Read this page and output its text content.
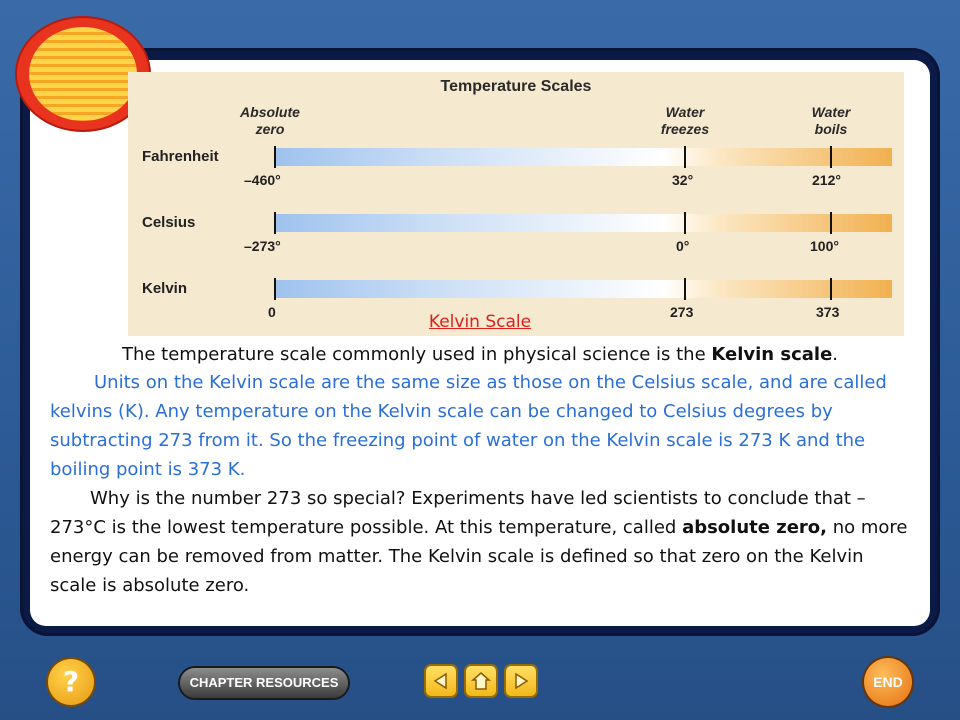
Temperature Scales
Absolute
zero
Water
freezes
Water
boils
Fahrenheit
–460°	32°	212°
Celsius
–273°	0°	100°
Kelvin
0	273	373
Kelvin Scale
The temperature scale commonly used in physical science is the Kelvin scale.
Units on the Kelvin scale are the same size as those on the Celsius scale, and are called kelvins (K). Any temperature on the Kelvin scale can be changed to Celsius degrees by subtracting 273 from it. So the freezing point of water on the Kelvin scale is 273 K and the boiling point is 373 K.
Why is the number 273 so special? Experiments have led scientists to conclude that –273°C is the lowest temperature possible. At this temperature, called absolute zero, no more energy can be removed from matter. The Kelvin scale is defined so that zero on the Kelvin scale is absolute zero.
?	CHAPTER RESOURCES	END
